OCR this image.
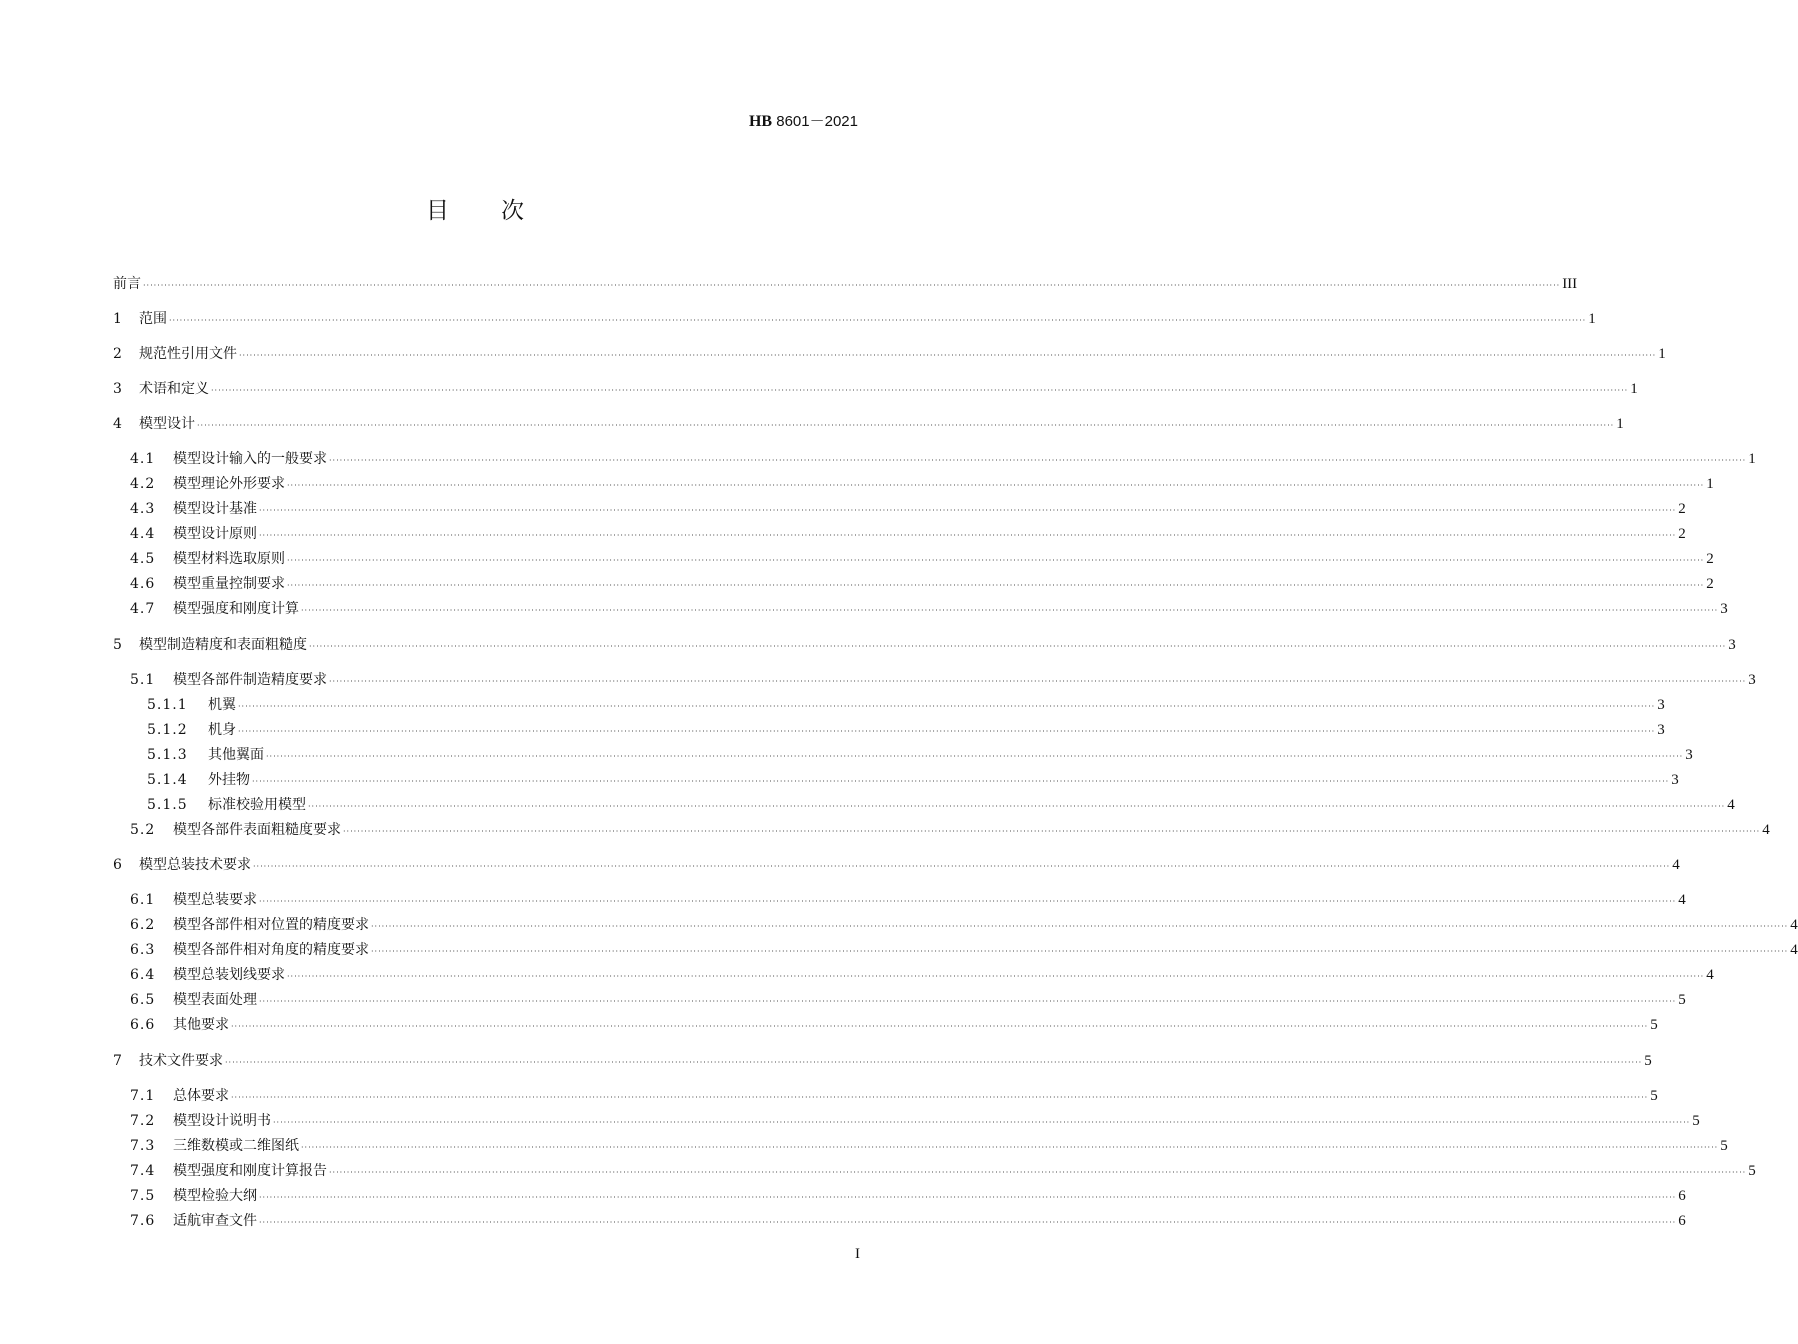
HB 8601－2021
目次
前言 ················································································································································································································································································································································································································ III
1	范围 ················································································································································································································································································································································································································ 1
2	规范性引用文件 ················································································································································································································································································································································································································ 1
3	术语和定义 ················································································································································································································································································································································································································ 1
4	模型设计 ················································································································································································································································································································································································································ 1
4.1	模型设计输入的一般要求 ················································································································································································································································································································································································································ 1
4.2	模型理论外形要求 ················································································································································································································································································································································································································ 1
4.3	模型设计基准 ················································································································································································································································································································································································································ 2
4.4	模型设计原则 ················································································································································································································································································································································································································ 2
4.5	模型材料选取原则 ················································································································································································································································································································································································································ 2
4.6	模型重量控制要求 ················································································································································································································································································································································································································ 2
4.7	模型强度和刚度计算 ················································································································································································································································································································································································································ 3
5	模型制造精度和表面粗糙度 ················································································································································································································································································································································································································ 3
5.1	模型各部件制造精度要求 ················································································································································································································································································································································································································ 3
5.1.1	机翼 ················································································································································································································································································································································································································ 3
5.1.2	机身 ················································································································································································································································································································································································································ 3
5.1.3	其他翼面 ················································································································································································································································································································································································································ 3
5.1.4	外挂物 ················································································································································································································································································································································································································ 3
5.1.5	标准校验用模型 ················································································································································································································································································································································································································ 4
5.2	模型各部件表面粗糙度要求 ················································································································································································································································································································································································································ 4
6	模型总装技术要求 ················································································································································································································································································································································································································ 4
6.1	模型总装要求 ················································································································································································································································································································································································································ 4
6.2	模型各部件相对位置的精度要求 ················································································································································································································································································································································································································ 4
6.3	模型各部件相对角度的精度要求 ················································································································································································································································································································································································································ 4
6.4	模型总装划线要求 ················································································································································································································································································································································································································ 4
6.5	模型表面处理 ················································································································································································································································································································································································································ 5
6.6	其他要求 ················································································································································································································································································································································································································ 5
7	技术文件要求 ················································································································································································································································································································································································································ 5
7.1	总体要求 ················································································································································································································································································································································································································ 5
7.2	模型设计说明书 ················································································································································································································································································································································································································ 5
7.3	三维数模或二维图纸 ················································································································································································································································································································································································································ 5
7.4	模型强度和刚度计算报告 ················································································································································································································································································································································································································ 5
7.5	模型检验大纲 ················································································································································································································································································································································································································ 6
7.6	适航审查文件 ················································································································································································································································································································································································································ 6
I
